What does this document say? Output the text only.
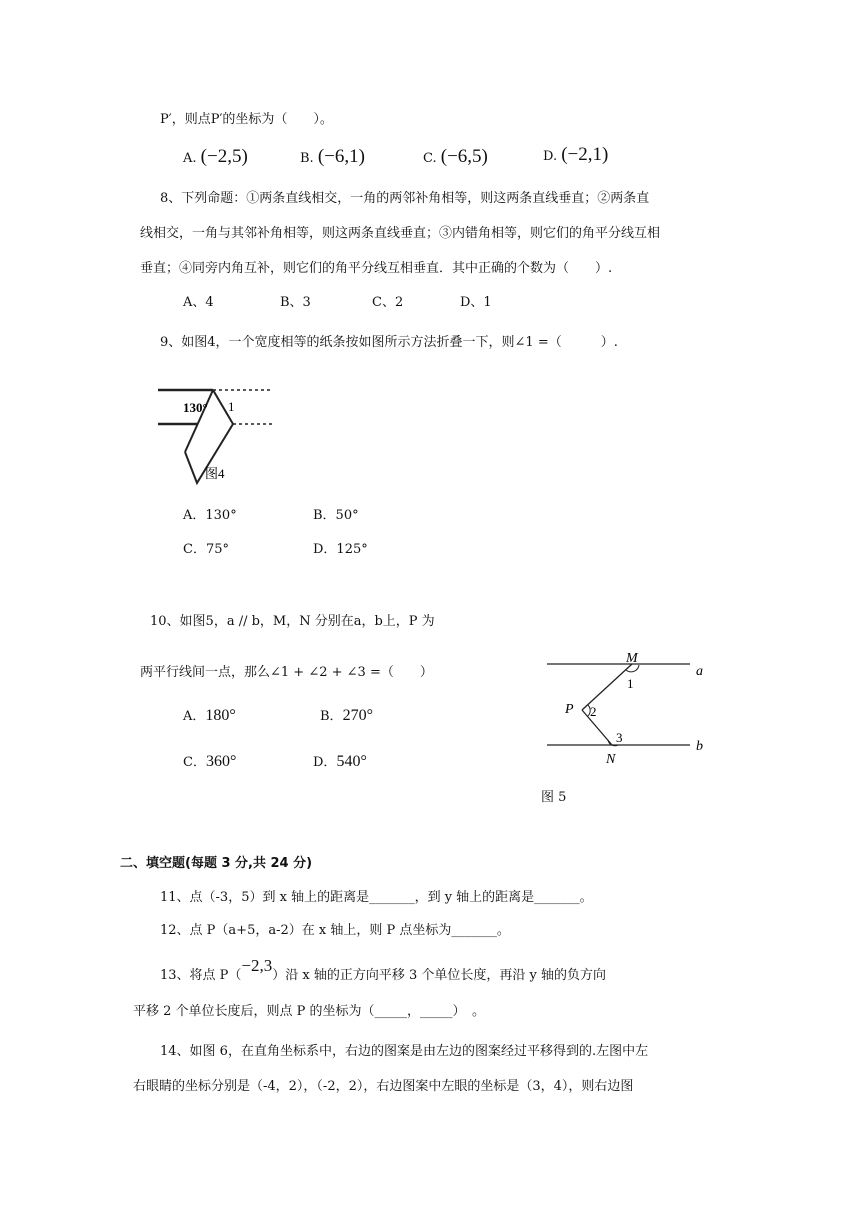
P′，则点P′的坐标为（　　）。
A. (−2,5)	B. (−6,1)	C. (−6,5)	D. (−2,1)
8、下列命题：①两条直线相交，一角的两邻补角相等，则这两条直线垂直；②两条直
线相交，一角与其邻补角相等，则这两条直线垂直；③内错角相等，则它们的角平分线互相
垂直；④同旁内角互补，则它们的角平分线互相垂直．其中正确的个数为（　　）.
A、4	B、3	C、2	D、1
9、如图4，一个宽度相等的纸条按如图所示方法折叠一下，则∠1 =（　　　）.
130° 1
图4
A．130°	B．50°
C．75°	D．125°
10、如图5，a // b，M，N 分别在a，b上，P 为
两平行线间一点，那么∠1 + ∠2 + ∠3 =（　　）
A．180°	B．270°
C．360°	D．540°
M
1
a
P 2
3
b
N
图 5
二、填空题(每题 3 分,共 24 分)
11、点（-3，5）到 x 轴上的距离是_______，到 y 轴上的距离是_______。
12、点 P（a+5，a-2）在 x 轴上，则 P 点坐标为_______。
13、将点 P（−2,3）沿 x 轴的正方向平移 3 个单位长度，再沿 y 轴的负方向
平移 2 个单位长度后，则点 P 的坐标为（_____，_____）　。
14、如图 6，在直角坐标系中，右边的图案是由左边的图案经过平移得到的.左图中左
右眼睛的坐标分别是（-4，2），（-2，2），右边图案中左眼的坐标是（3，4），则右边图
